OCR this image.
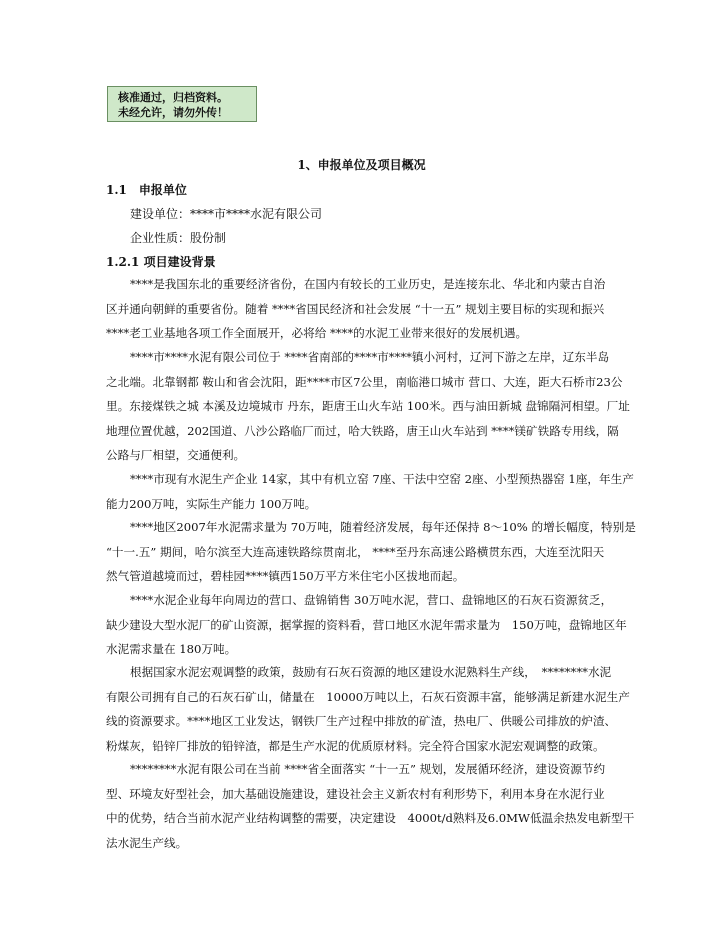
核准通过，归档资料。
未经允许，请勿外传！
1、申报单位及项目概况
1.1　申报单位
建设单位：****市****水泥有限公司
企业性质：股份制
1.2.1 项目建设背景
****是我国东北的重要经济省份，在国内有较长的工业历史，是连接东北、华北和内蒙古自治
区并通向朝鲜的重要省份。随着 ****省国民经济和社会发展 “十一五” 规划主要目标的实现和振兴
****老工业基地各项工作全面展开，必将给 ****的水泥工业带来很好的发展机遇。
****市****水泥有限公司位于 ****省南部的****市****镇小河村，辽河下游之左岸，辽东半岛
之北端。北靠钢都 鞍山和省会沈阳，距****市区7公里，南临港口城市 营口、大连，距大石桥市23公
里。东接煤铁之城 本溪及边境城市 丹东，距唐王山火车站 100米。西与油田新城 盘锦隔河相望。厂址
地理位置优越，202国道、八沙公路临厂而过，哈大铁路，唐王山火车站到 ****镁矿铁路专用线，隔
公路与厂相望，交通便利。
****市现有水泥生产企业 14家，其中有机立窑 7座、干法中空窑 2座、小型预热器窑 1座，年生产
能力200万吨，实际生产能力 100万吨。
****地区2007年水泥需求量为 70万吨，随着经济发展，每年还保持 8～10% 的增长幅度，特别是
“十一.五” 期间，哈尔滨至大连高速铁路综贯南北， ****至丹东高速公路横贯东西，大连至沈阳天
然气管道越境而过，碧桂园****镇西150万平方米住宅小区拔地而起。
****水泥企业每年向周边的营口、盘锦销售 30万吨水泥，营口、盘锦地区的石灰石资源贫乏，
缺少建设大型水泥厂的矿山资源，据掌握的资料看，营口地区水泥年需求量为　150万吨，盘锦地区年
水泥需求量在 180万吨。
根据国家水泥宏观调整的政策，鼓励有石灰石资源的地区建设水泥熟料生产线，　********水泥
有限公司拥有自己的石灰石矿山，储量在　10000万吨以上，石灰石资源丰富，能够满足新建水泥生产
线的资源要求。****地区工业发达，钢铁厂生产过程中排放的矿渣，热电厂、供暖公司排放的炉渣、
粉煤灰，铅锌厂排放的铅锌渣，都是生产水泥的优质原材料。完全符合国家水泥宏观调整的政策。
********水泥有限公司在当前 ****省全面落实 “十一五” 规划，发展循环经济，建设资源节约
型、环境友好型社会，加大基础设施建设，建设社会主义新农村有利形势下，利用本身在水泥行业
中的优势，结合当前水泥产业结构调整的需要，决定建设　4000t/d熟料及6.0MW低温余热发电新型干
法水泥生产线。
